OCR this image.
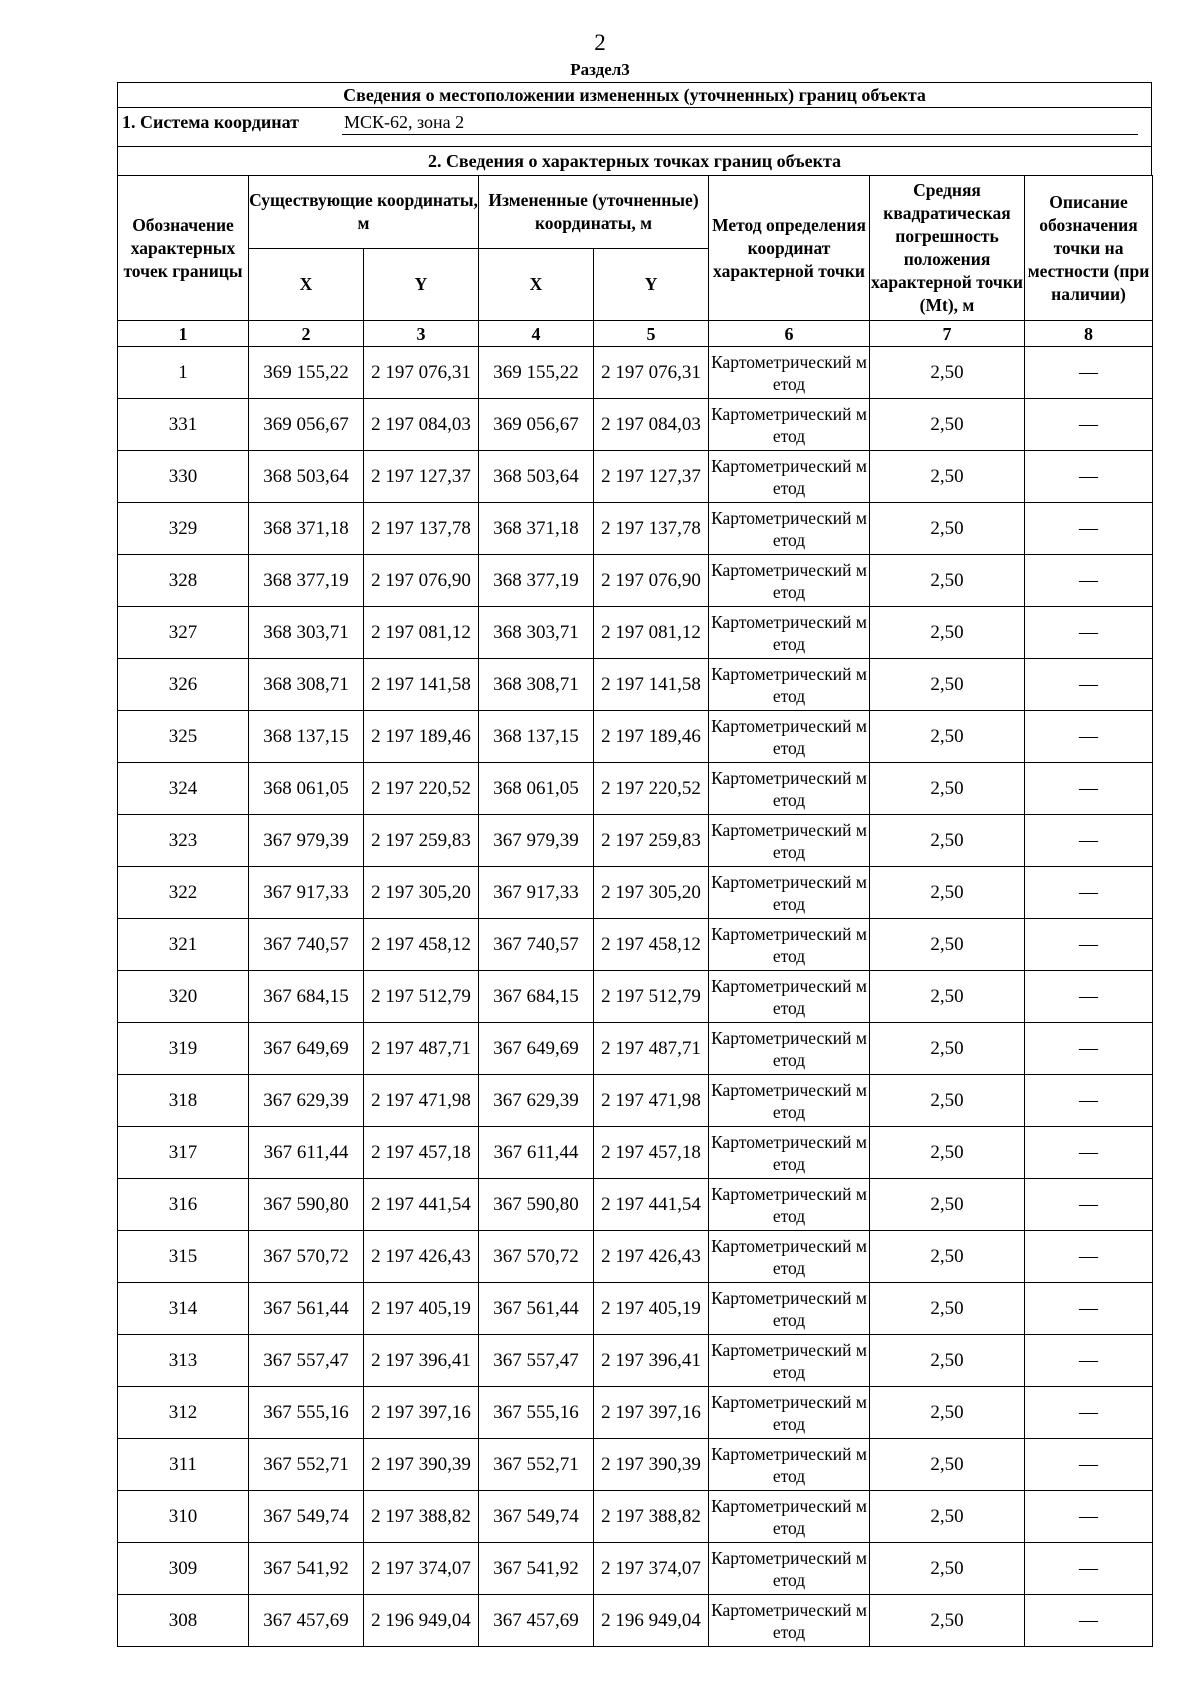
2
Раздел3
Сведения о местоположении измененных (уточненных) границ объекта
1. Система координат	МСК-62, зона 2
2. Сведения о характерных точках границ объекта
Обозначение характерных точек границы	Существующие координаты, м		Измененные (уточненные) координаты, м		Метод определения координат характерной точки	Средняя квадратическая погрешность положения характерной точки (Mt), м	Описание обозначения точки на местности (при наличии)
	X	Y	X	Y			
1	2	3	4	5	6	7	8
1	369 155,22	2 197 076,31	369 155,22	2 197 076,31	Картометрический метод	2,50	—
331	369 056,67	2 197 084,03	369 056,67	2 197 084,03	Картометрический метод	2,50	—
330	368 503,64	2 197 127,37	368 503,64	2 197 127,37	Картометрический метод	2,50	—
329	368 371,18	2 197 137,78	368 371,18	2 197 137,78	Картометрический метод	2,50	—
328	368 377,19	2 197 076,90	368 377,19	2 197 076,90	Картометрический метод	2,50	—
327	368 303,71	2 197 081,12	368 303,71	2 197 081,12	Картометрический метод	2,50	—
326	368 308,71	2 197 141,58	368 308,71	2 197 141,58	Картометрический метод	2,50	—
325	368 137,15	2 197 189,46	368 137,15	2 197 189,46	Картометрический метод	2,50	—
324	368 061,05	2 197 220,52	368 061,05	2 197 220,52	Картометрический метод	2,50	—
323	367 979,39	2 197 259,83	367 979,39	2 197 259,83	Картометрический метод	2,50	—
322	367 917,33	2 197 305,20	367 917,33	2 197 305,20	Картометрический метод	2,50	—
321	367 740,57	2 197 458,12	367 740,57	2 197 458,12	Картометрический метод	2,50	—
320	367 684,15	2 197 512,79	367 684,15	2 197 512,79	Картометрический метод	2,50	—
319	367 649,69	2 197 487,71	367 649,69	2 197 487,71	Картометрический метод	2,50	—
318	367 629,39	2 197 471,98	367 629,39	2 197 471,98	Картометрический метод	2,50	—
317	367 611,44	2 197 457,18	367 611,44	2 197 457,18	Картометрический метод	2,50	—
316	367 590,80	2 197 441,54	367 590,80	2 197 441,54	Картометрический метод	2,50	—
315	367 570,72	2 197 426,43	367 570,72	2 197 426,43	Картометрический метод	2,50	—
314	367 561,44	2 197 405,19	367 561,44	2 197 405,19	Картометрический метод	2,50	—
313	367 557,47	2 197 396,41	367 557,47	2 197 396,41	Картометрический метод	2,50	—
312	367 555,16	2 197 397,16	367 555,16	2 197 397,16	Картометрический метод	2,50	—
311	367 552,71	2 197 390,39	367 552,71	2 197 390,39	Картометрический метод	2,50	—
310	367 549,74	2 197 388,82	367 549,74	2 197 388,82	Картометрический метод	2,50	—
309	367 541,92	2 197 374,07	367 541,92	2 197 374,07	Картометрический метод	2,50	—
308	367 457,69	2 196 949,04	367 457,69	2 196 949,04	Картометрический метод	2,50	—
